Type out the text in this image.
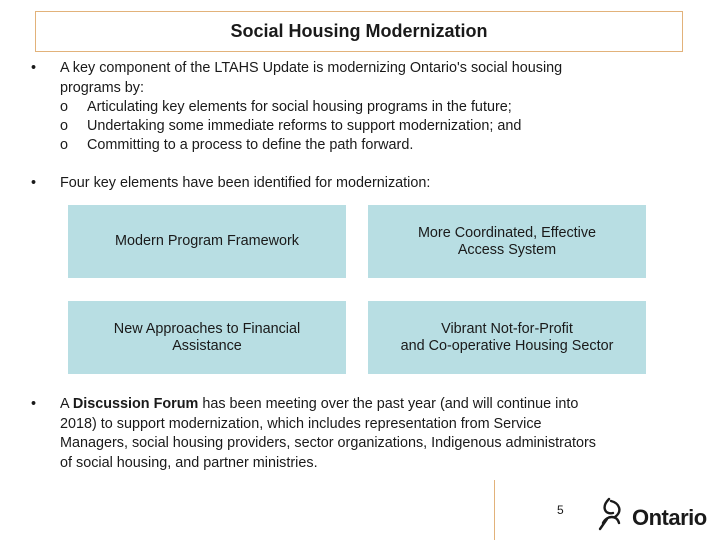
Social Housing Modernization
• A key component of the LTAHS Update is modernizing Ontario's social housing
programs by:
o Articulating key elements for social housing programs in the future;
o Undertaking some immediate reforms to support modernization; and
o Committing to a process to define the path forward.
• Four key elements have been identified for modernization:
Modern Program Framework
More Coordinated, Effective
Access System
New Approaches to Financial
Assistance
Vibrant Not-for-Profit
and Co-operative Housing Sector
• A Discussion Forum has been meeting over the past year (and will continue into
2018) to support modernization, which includes representation from Service
Managers, social housing providers, sector organizations, Indigenous administrators
of social housing, and partner ministries.
5	Ontario
